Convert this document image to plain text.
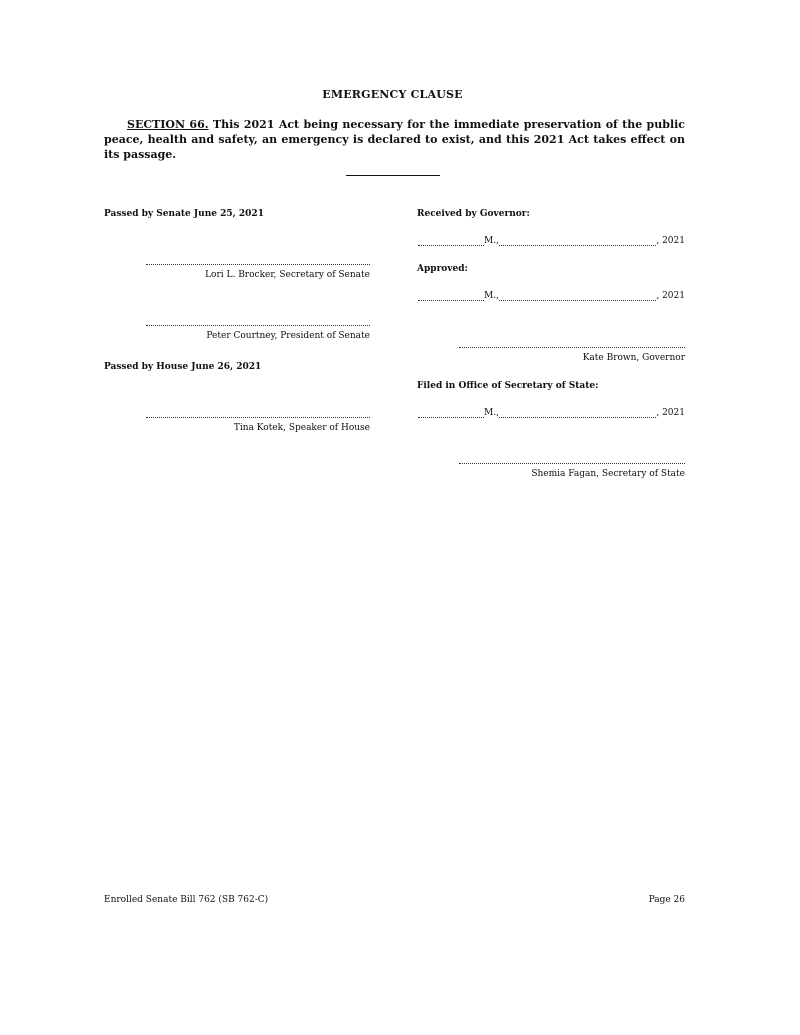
EMERGENCY CLAUSE
SECTION 66. This 2021 Act being necessary for the immediate preservation of the public peace, health and safety, an emergency is declared to exist, and this 2021 Act takes effect on its passage.
Passed by Senate June 25, 2021
Lori L. Brocker, Secretary of Senate
Peter Courtney, President of Senate
Passed by House June 26, 2021
Tina Kotek, Speaker of House
Received by Governor:
M.,	, 2021
Approved:
M.,	, 2021
Kate Brown, Governor
Filed in Office of Secretary of State:
M.,	, 2021
Shemia Fagan, Secretary of State
Enrolled Senate Bill 762 (SB 762-C)	Page 26
